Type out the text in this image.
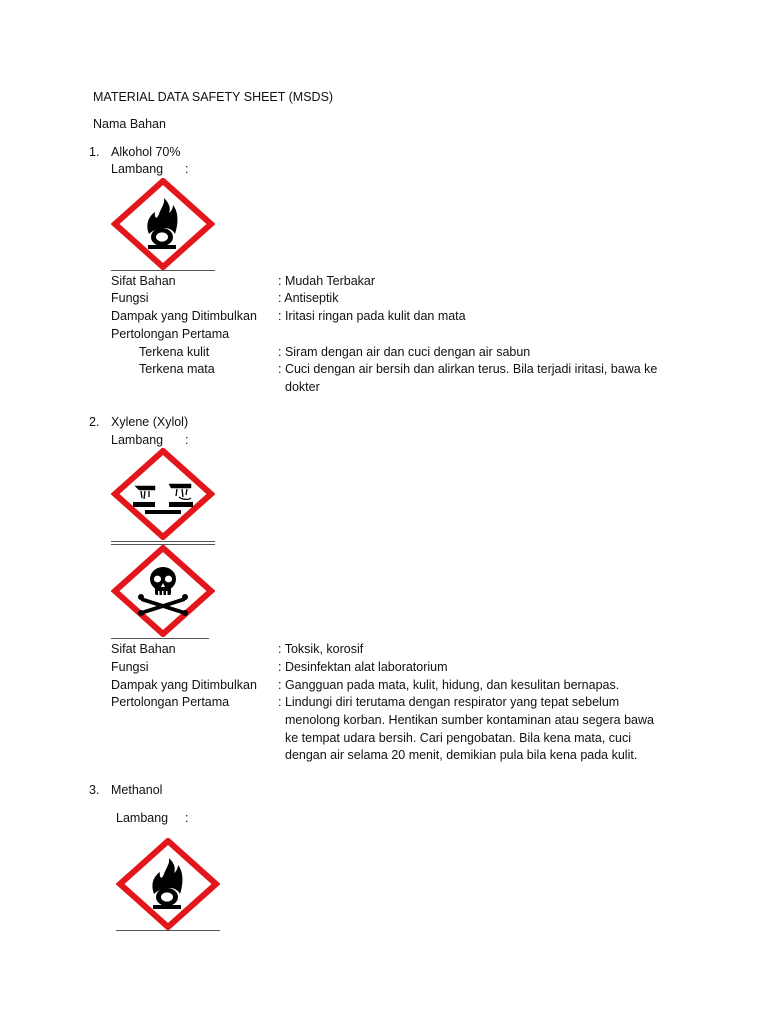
MATERIAL DATA SAFETY SHEET (MSDS)
Nama Bahan
1. Alkohol 70%
Lambang :
Sifat Bahan	: Mudah Terbakar
Fungsi	: Antiseptik
Dampak yang Ditimbulkan : Iritasi ringan pada kulit dan mata
Pertolongan Pertama
Terkena kulit	: Siram dengan air dan cuci dengan air sabun
Terkena mata	: Cuci dengan air bersih dan alirkan terus. Bila terjadi iritasi, bawa ke
dokter
2. Xylene (Xylol)
Lambang :
Sifat Bahan	: Toksik, korosif
Fungsi	: Desinfektan alat laboratorium
Dampak yang Ditimbulkan : Gangguan pada mata, kulit, hidung, dan kesulitan bernapas.
Pertolongan Pertama	: Lindungi diri terutama dengan respirator yang tepat sebelum
menolong korban. Hentikan sumber kontaminan atau segera bawa
ke tempat udara bersih. Cari pengobatan. Bila kena mata, cuci
dengan air selama 20 menit, demikian pula bila kena pada kulit.
3. Methanol
Lambang :
